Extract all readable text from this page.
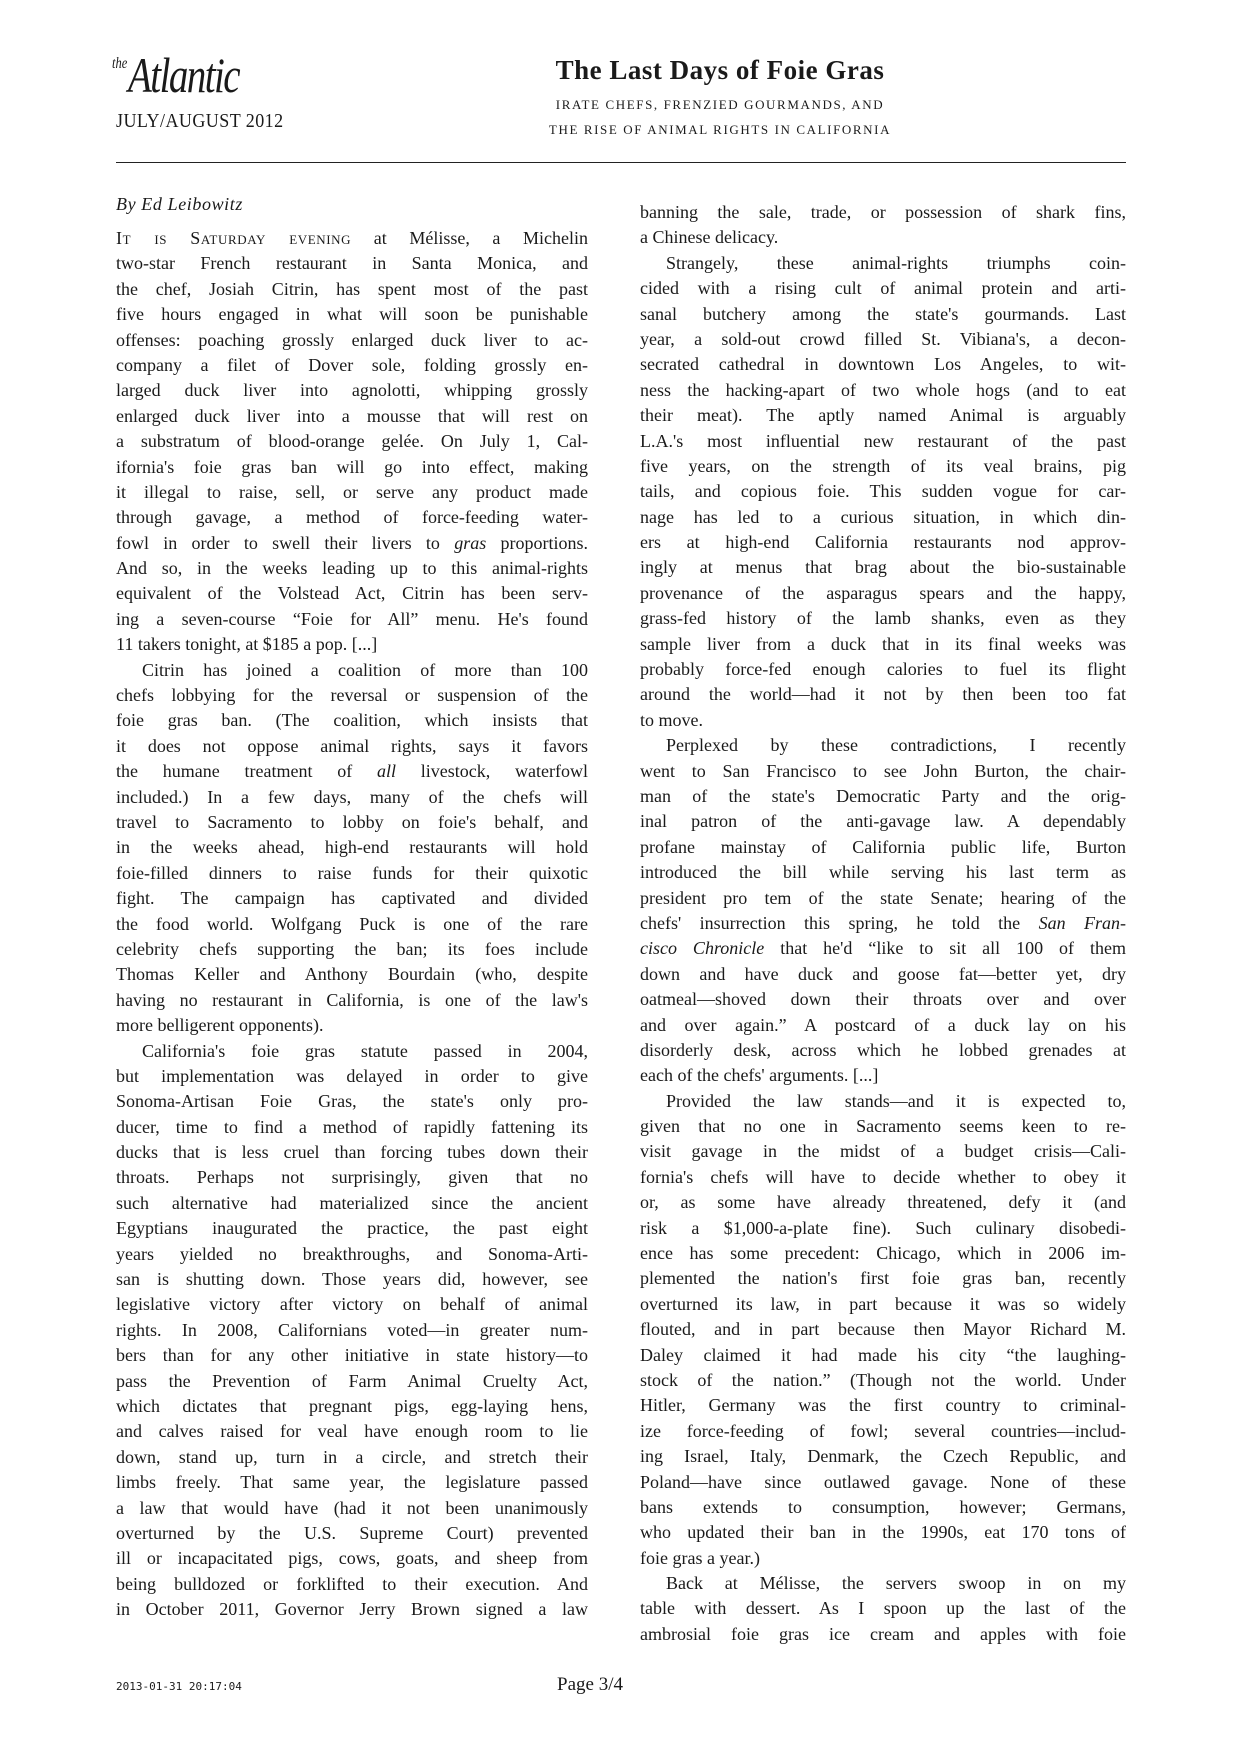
$^{the}$Atlantic
JULY/AUGUST 2012
The Last Days of Foie Gras
IRATE CHEFS, FRENZIED GOURMANDS, AND
THE RISE OF ANIMAL RIGHTS IN CALIFORNIA
By Ed Leibowitz
It is Saturday evening at Mélisse, a Michelin
two-star French restaurant in Santa Monica, and
the chef, Josiah Citrin, has spent most of the past
five hours engaged in what will soon be punishable
offenses: poaching grossly enlarged duck liver to ac-
company a filet of Dover sole, folding grossly en-
larged duck liver into agnolotti, whipping grossly
enlarged duck liver into a mousse that will rest on
a substratum of blood-orange gelée. On July 1, Cal-
ifornia's foie gras ban will go into effect, making
it illegal to raise, sell, or serve any product made
through gavage, a method of force-feeding water-
fowl in order to swell their livers to gras proportions.
And so, in the weeks leading up to this animal-rights
equivalent of the Volstead Act, Citrin has been serv-
ing a seven-course “Foie for All” menu. He's found
11 takers tonight, at $185 a pop. [...]
Citrin has joined a coalition of more than 100
chefs lobbying for the reversal or suspension of the
foie gras ban. (The coalition, which insists that
it does not oppose animal rights, says it favors
the humane treatment of all livestock, waterfowl
included.) In a few days, many of the chefs will
travel to Sacramento to lobby on foie's behalf, and
in the weeks ahead, high-end restaurants will hold
foie-filled dinners to raise funds for their quixotic
fight. The campaign has captivated and divided
the food world. Wolfgang Puck is one of the rare
celebrity chefs supporting the ban; its foes include
Thomas Keller and Anthony Bourdain (who, despite
having no restaurant in California, is one of the law's
more belligerent opponents).
California's foie gras statute passed in 2004,
but implementation was delayed in order to give
Sonoma-Artisan Foie Gras, the state's only pro-
ducer, time to find a method of rapidly fattening its
ducks that is less cruel than forcing tubes down their
throats. Perhaps not surprisingly, given that no
such alternative had materialized since the ancient
Egyptians inaugurated the practice, the past eight
years yielded no breakthroughs, and Sonoma-Arti-
san is shutting down. Those years did, however, see
legislative victory after victory on behalf of animal
rights. In 2008, Californians voted—in greater num-
bers than for any other initiative in state history—to
pass the Prevention of Farm Animal Cruelty Act,
which dictates that pregnant pigs, egg-laying hens,
and calves raised for veal have enough room to lie
down, stand up, turn in a circle, and stretch their
limbs freely. That same year, the legislature passed
a law that would have (had it not been unanimously
overturned by the U.S. Supreme Court) prevented
ill or incapacitated pigs, cows, goats, and sheep from
being bulldozed or forklifted to their execution. And
in October 2011, Governor Jerry Brown signed a law
banning the sale, trade, or possession of shark fins,
a Chinese delicacy.
Strangely, these animal-rights triumphs coin-
cided with a rising cult of animal protein and arti-
sanal butchery among the state's gourmands. Last
year, a sold-out crowd filled St. Vibiana's, a decon-
secrated cathedral in downtown Los Angeles, to wit-
ness the hacking-apart of two whole hogs (and to eat
their meat). The aptly named Animal is arguably
L.A.'s most influential new restaurant of the past
five years, on the strength of its veal brains, pig
tails, and copious foie. This sudden vogue for car-
nage has led to a curious situation, in which din-
ers at high-end California restaurants nod approv-
ingly at menus that brag about the bio-sustainable
provenance of the asparagus spears and the happy,
grass-fed history of the lamb shanks, even as they
sample liver from a duck that in its final weeks was
probably force-fed enough calories to fuel its flight
around the world—had it not by then been too fat
to move.
Perplexed by these contradictions, I recently
went to San Francisco to see John Burton, the chair-
man of the state's Democratic Party and the orig-
inal patron of the anti-gavage law. A dependably
profane mainstay of California public life, Burton
introduced the bill while serving his last term as
president pro tem of the state Senate; hearing of the
chefs' insurrection this spring, he told the San Fran-
cisco Chronicle that he'd “like to sit all 100 of them
down and have duck and goose fat—better yet, dry
oatmeal—shoved down their throats over and over
and over again.” A postcard of a duck lay on his
disorderly desk, across which he lobbed grenades at
each of the chefs' arguments. [...]
Provided the law stands—and it is expected to,
given that no one in Sacramento seems keen to re-
visit gavage in the midst of a budget crisis—Cali-
fornia's chefs will have to decide whether to obey it
or, as some have already threatened, defy it (and
risk a $1,000-a-plate fine). Such culinary disobedi-
ence has some precedent: Chicago, which in 2006 im-
plemented the nation's first foie gras ban, recently
overturned its law, in part because it was so widely
flouted, and in part because then Mayor Richard M.
Daley claimed it had made his city “the laughing-
stock of the nation.” (Though not the world. Under
Hitler, Germany was the first country to criminal-
ize force-feeding of fowl; several countries—includ-
ing Israel, Italy, Denmark, the Czech Republic, and
Poland—have since outlawed gavage. None of these
bans extends to consumption, however; Germans,
who updated their ban in the 1990s, eat 170 tons of
foie gras a year.)
Back at Mélisse, the servers swoop in on my
table with dessert. As I spoon up the last of the
ambrosial foie gras ice cream and apples with foie
2013-01-31 20:17:04	Page 3/4
